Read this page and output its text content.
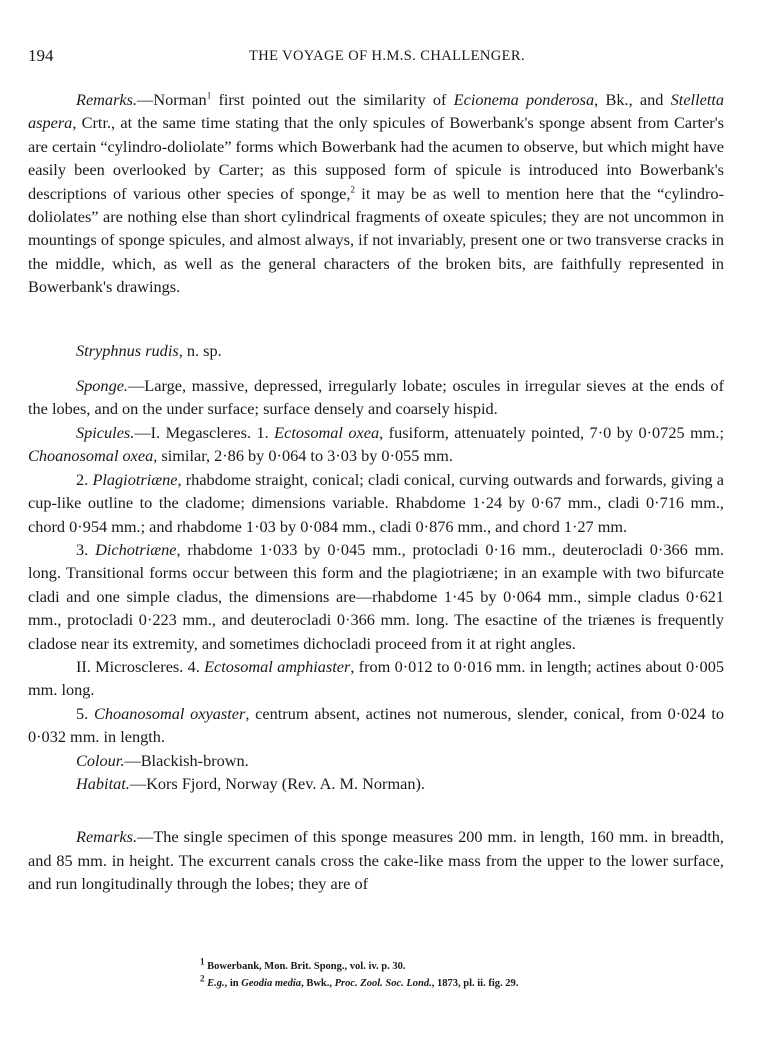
194	THE VOYAGE OF H.M.S. CHALLENGER.

Remarks.—Norman$^1$ first pointed out the similarity of Ecionema ponderosa, Bk., and Stelletta aspera, Crtr., at the same time stating that the only spicules of Bowerbank's sponge absent from Carter's are certain “cylindro-doliolate” forms which Bowerbank had the acumen to observe, but which might have easily been overlooked by Carter; as this supposed form of spicule is introduced into Bowerbank's descriptions of various other species of sponge,$^2$ it may be as well to mention here that the “cylindro-doliolates” are nothing else than short cylindrical fragments of oxeate spicules; they are not uncommon in mountings of sponge spicules, and almost always, if not invariably, present one or two transverse cracks in the middle, which, as well as the general characters of the broken bits, are faithfully represented in Bowerbank's drawings.

Stryphnus rudis, n. sp.

Sponge.—Large, massive, depressed, irregularly lobate; oscules in irregular sieves at the ends of the lobes, and on the under surface; surface densely and coarsely hispid.

Spicules.—I. Megascleres. 1. Ectosomal oxea, fusiform, attenuately pointed, 7·0 by 0·0725 mm.; Choanosomal oxea, similar, 2·86 by 0·064 to 3·03 by 0·055 mm.

2. Plagiotriæne, rhabdome straight, conical; cladi conical, curving outwards and forwards, giving a cup-like outline to the cladome; dimensions variable. Rhabdome 1·24 by 0·67 mm., cladi 0·716 mm., chord 0·954 mm.; and rhabdome 1·03 by 0·084 mm., cladi 0·876 mm., and chord 1·27 mm.

3. Dichotriæne, rhabdome 1·033 by 0·045 mm., protocladi 0·16 mm., deuterocladi 0·366 mm. long. Transitional forms occur between this form and the plagiotriæne; in an example with two bifurcate cladi and one simple cladus, the dimensions are—rhabdome 1·45 by 0·064 mm., simple cladus 0·621 mm., protocladi 0·223 mm., and deuterocladi 0·366 mm. long. The esactine of the triænes is frequently cladose near its extremity, and sometimes dichocladi proceed from it at right angles.

II. Microscleres. 4. Ectosomal amphiaster, from 0·012 to 0·016 mm. in length; actines about 0·005 mm. long.

5. Choanosomal oxyaster, centrum absent, actines not numerous, slender, conical, from 0·024 to 0·032 mm. in length.

Colour.—Blackish-brown.

Habitat.—Kors Fjord, Norway (Rev. A. M. Norman).

Remarks.—The single specimen of this sponge measures 200 mm. in length, 160 mm. in breadth, and 85 mm. in height. The excurrent canals cross the cake-like mass from the upper to the lower surface, and run longitudinally through the lobes; they are of

$^1$ Bowerbank, Mon. Brit. Spong., vol. iv. p. 30.

$^2$ E.g., in Geodia media, Bwk., Proc. Zool. Soc. Lond., 1873, pl. ii. fig. 29.
